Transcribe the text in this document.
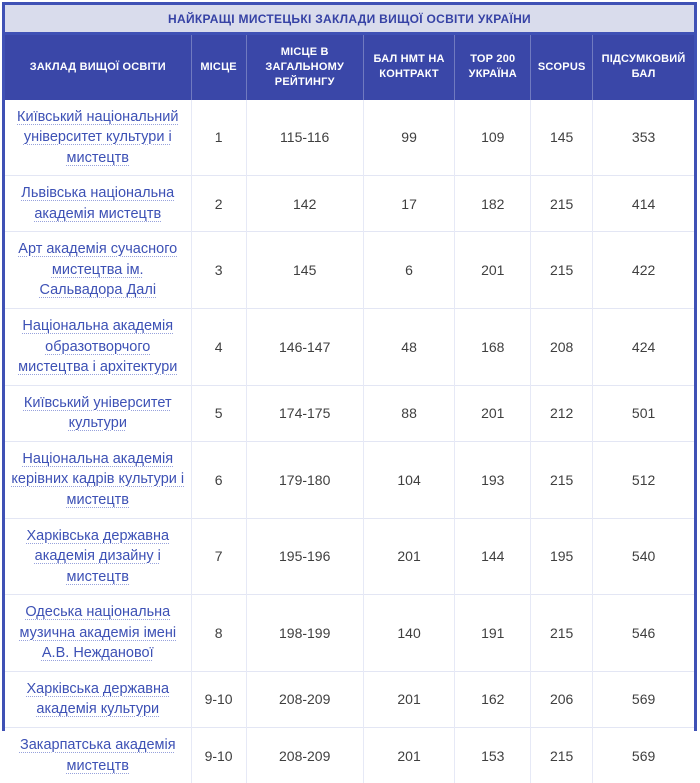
НАЙКРАЩІ МИСТЕЦЬКІ ЗАКЛАДИ ВИЩОЇ ОСВІТИ УКРАЇНИ
ЗАКЛАД ВИЩОЇ ОСВІТИ	МІСЦЕ	МІСЦЕ В ЗАГАЛЬНОМУ РЕЙТИНГУ	БАЛ НМТ НА КОНТРАКТ	ТОР 200 УКРАЇНА	SCOPUS	ПІДСУМКОВИЙ БАЛ
Київський національний університет культури і мистецтв	1	115-116	99	109	145	353
Львівська національна академія мистецтв	2	142	17	182	215	414
Арт академія сучасного мистецтва ім. Сальвадора Далі	3	145	6	201	215	422
Національна академія образотворчого мистецтва і архітектури	4	146-147	48	168	208	424
Київський університет культури	5	174-175	88	201	212	501
Національна академія керівних кадрів культури і мистецтв	6	179-180	104	193	215	512
Харківська державна академія дизайну і мистецтв	7	195-196	201	144	195	540
Одеська національна музична академія імені А.В. Нежданової	8	198-199	140	191	215	546
Харківська державна академія культури	9-10	208-209	201	162	206	569
Закарпатська академія мистецтв	9-10	208-209	201	153	215	569
